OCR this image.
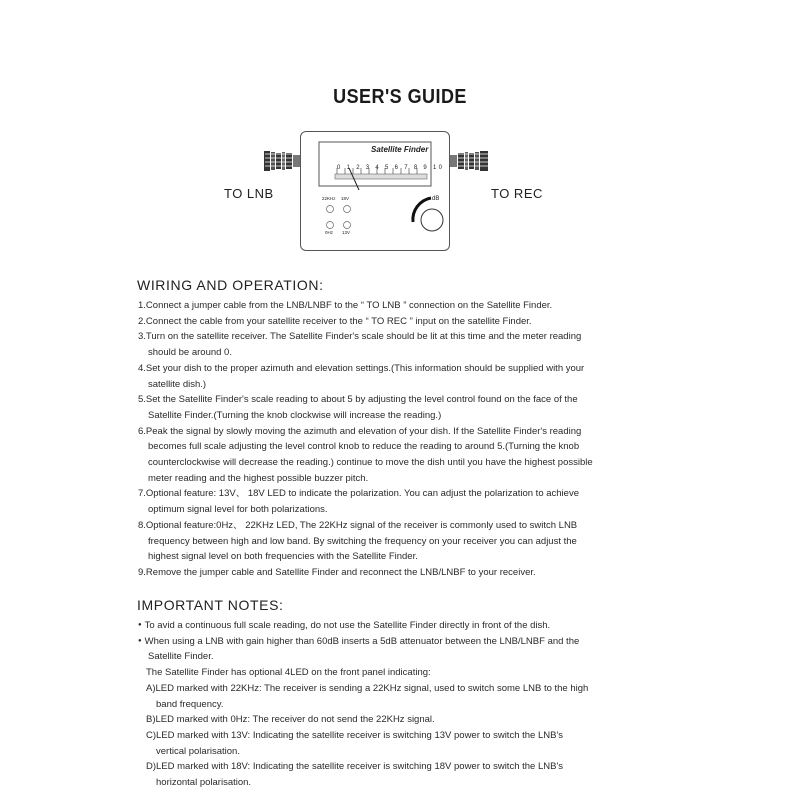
USER'S GUIDE
TO LNB	TO REC
Satellite Finder
0 1 2 3 4 5 6 7 8 9 10
22KHz 18V
0Hz 13V
dB
WIRING AND OPERATION:
1.Connect a jumper cable from the LNB/LNBF to the “ TO LNB ” connection on the Satellite Finder.
2.Connect the cable from your satellite receiver to the “ TO REC ” input on the satellite Finder.
3.Turn on the satellite receiver. The Satellite Finder's scale should be lit at this time and the meter reading
should be around 0.
4.Set your dish to the proper azimuth and elevation settings.(This information should be supplied with your
satellite dish.)
5.Set the Satellite Finder's scale reading to about 5 by adjusting the level control found on the face of the
Satellite Finder.(Turning the knob clockwise will increase the reading.)
6.Peak the signal by slowly moving the azimuth and elevation of your dish. If the Satellite Finder's reading
becomes full scale adjusting the level control knob to reduce the reading to around 5.(Turning the knob
counterclockwise will decrease the reading.) continue to move the dish until you have the highest possible
meter reading and the highest possible buzzer pitch.
7.Optional feature: 13V、 18V LED to indicate the polarization. You can adjust the polarization to achieve
optimum signal level for both polarizations.
8.Optional feature:0Hz、 22KHz LED, The 22KHz signal of the receiver is commonly used to switch LNB
frequency between high and low band. By switching the frequency on your receiver you can adjust the
highest signal level on both frequencies with the Satellite Finder.
9.Remove the jumper cable and Satellite Finder and reconnect the LNB/LNBF to your receiver.
IMPORTANT NOTES:
● To avid a continuous full scale reading, do not use the Satellite Finder directly in front of the dish.
● When using a LNB with gain higher than 60dB inserts a 5dB attenuator between the LNB/LNBF and the
Satellite Finder.
The Satellite Finder has optional 4LED on the front panel indicating:
A)LED marked with 22KHz: The receiver is sending a 22KHz signal, used to switch some LNB to the high
band frequency.
B)LED marked with 0Hz: The receiver do not send the 22KHz signal.
C)LED marked with 13V: Indicating the satellite receiver is switching 13V power to switch the LNB's
vertical polarisation.
D)LED marked with 18V: Indicating the satellite receiver is switching 18V power to switch the LNB's
horizontal polarisation.
